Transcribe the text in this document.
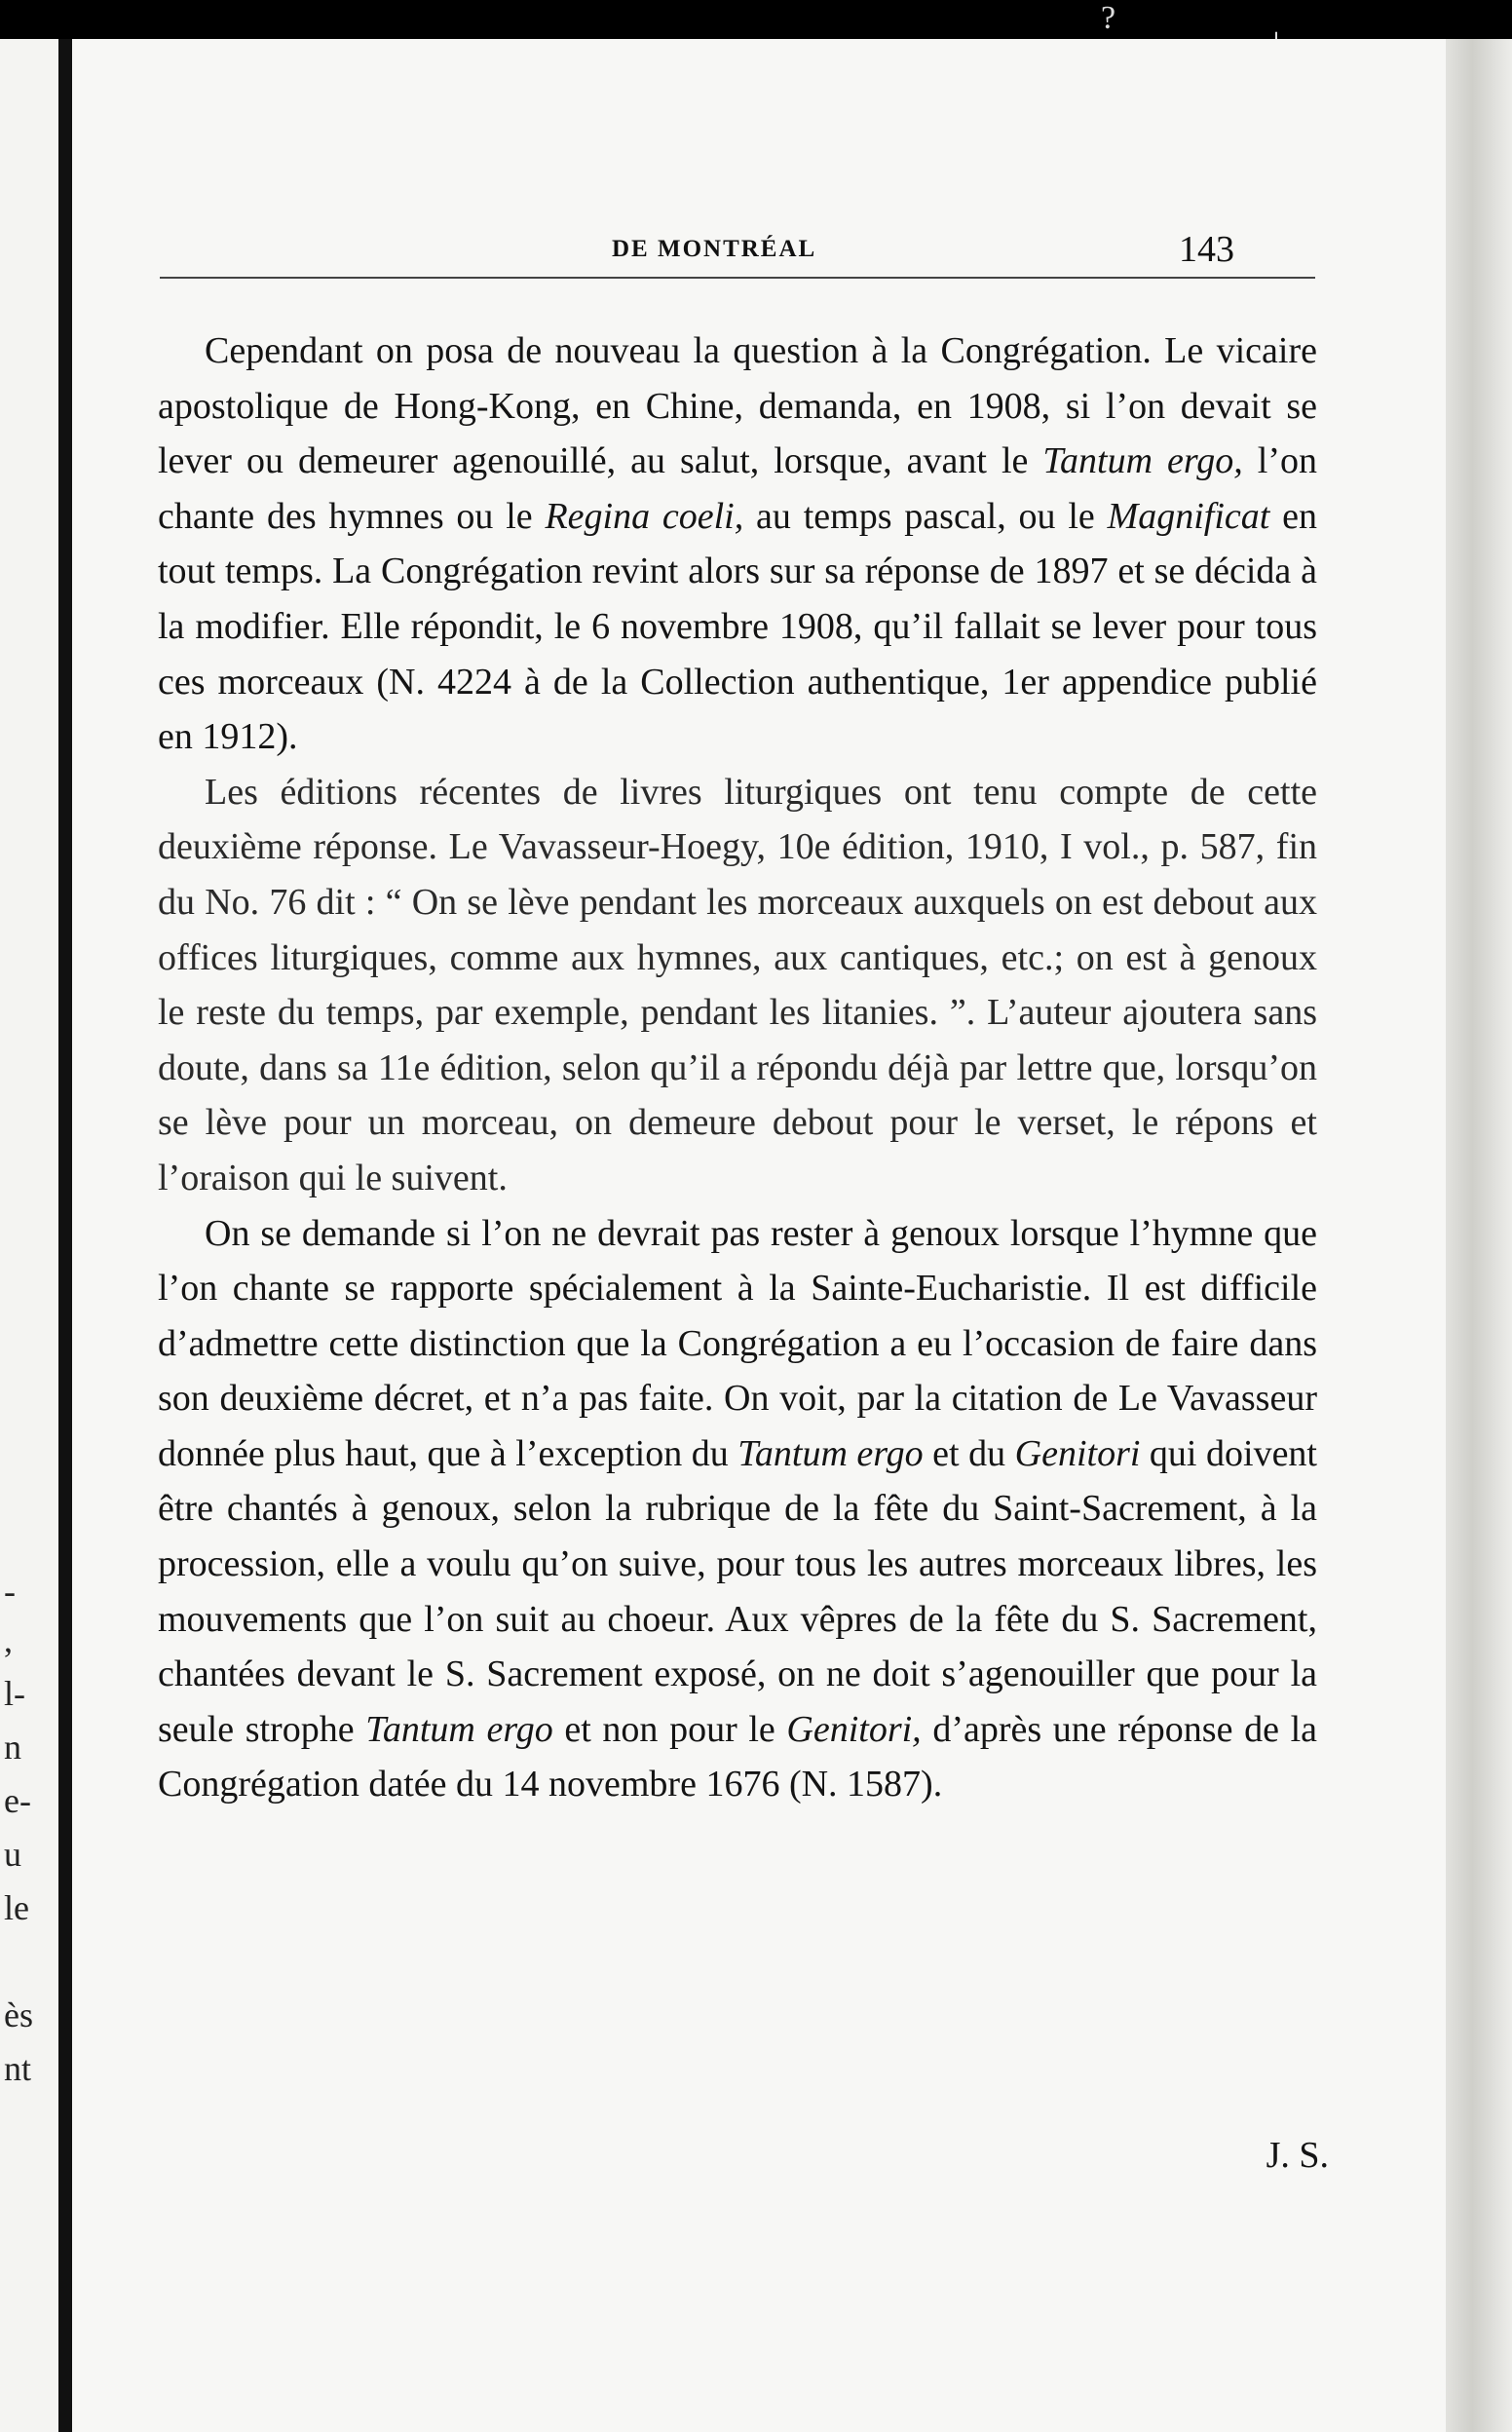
?
-
,
l-
n
e-
u
le
ès
nt
DE MONTRÉAL	143

Cependant on posa de nouveau la question à la Congrégation. Le vicaire apostolique de Hong-Kong, en Chine, demanda, en 1908, si l’on devait se lever ou demeurer agenouillé, au salut, lorsque, avant le Tantum ergo, l’on chante des hymnes ou le Regina coeli, au temps pascal, ou le Magnificat en tout temps. La Congrégation revint alors sur sa réponse de 1897 et se décida à la modifier. Elle répondit, le 6 novembre 1908, qu’il fallait se lever pour tous ces morceaux (N. 4224 à de la Collection authentique, 1er appendice publié en 1912).

Les éditions récentes de livres liturgiques ont tenu compte de cette deuxième réponse. Le Vavasseur-Hoegy, 10e édition, 1910, I vol., p. 587, fin du No. 76 dit : “ On se lève pendant les morceaux auxquels on est debout aux offices liturgiques, comme aux hymnes, aux cantiques, etc.; on est à genoux le reste du temps, par exemple, pendant les litanies. ”. L’auteur ajoutera sans doute, dans sa 11e édition, selon qu’il a répondu déjà par lettre que, lorsqu’on se lève pour un morceau, on demeure debout pour le verset, le répons et l’oraison qui le suivent.

On se demande si l’on ne devrait pas rester à genoux lorsque l’hymne que l’on chante se rapporte spécialement à la Sainte-Eucharistie. Il est difficile d’admettre cette distinction que la Congrégation a eu l’occasion de faire dans son deuxième décret, et n’a pas faite. On voit, par la citation de Le Vavasseur donnée plus haut, que à l’exception du Tantum ergo et du Genitori qui doivent être chantés à genoux, selon la rubrique de la fête du Saint-Sacrement, à la procession, elle a voulu qu’on suive, pour tous les autres morceaux libres, les mouvements que l’on suit au choeur. Aux vêpres de la fête du S. Sacrement, chantées devant le S. Sacrement exposé, on ne doit s’agenouiller que pour la seule strophe Tantum ergo et non pour le Genitori, d’après une réponse de la Congrégation datée du 14 novembre 1676 (N. 1587).

J. S.
